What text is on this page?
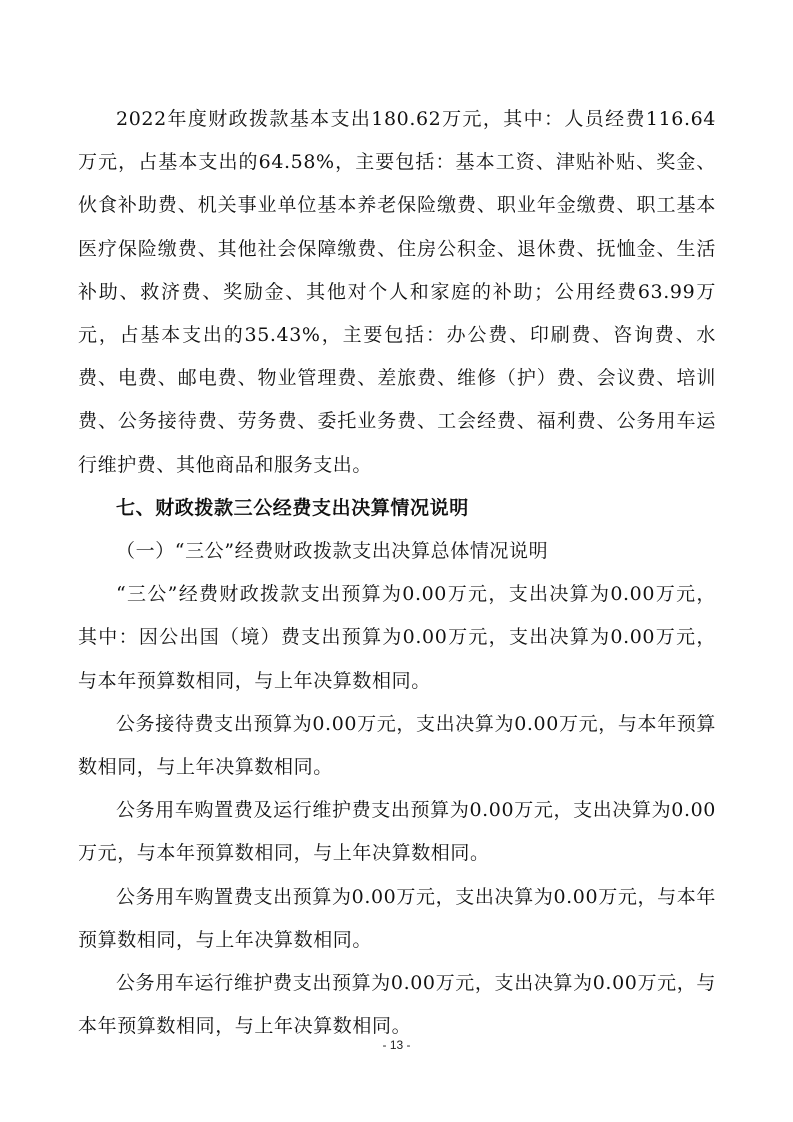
2022年度财政拨款基本支出180.62万元，其中：人员经费116.64万元，占基本支出的64.58%，主要包括：基本工资、津贴补贴、奖金、伙食补助费、机关事业单位基本养老保险缴费、职业年金缴费、职工基本医疗保险缴费、其他社会保障缴费、住房公积金、退休费、抚恤金、生活补助、救济费、奖励金、其他对个人和家庭的补助；公用经费63.99万元，占基本支出的35.43%，主要包括：办公费、印刷费、咨询费、水费、电费、邮电费、物业管理费、差旅费、维修（护）费、会议费、培训费、公务接待费、劳务费、委托业务费、工会经费、福利费、公务用车运行维护费、其他商品和服务支出。

七、财政拨款三公经费支出决算情况说明

（一）“三公”经费财政拨款支出决算总体情况说明

“三公”经费财政拨款支出预算为0.00万元，支出决算为0.00万元，其中：因公出国（境）费支出预算为0.00万元，支出决算为0.00万元，与本年预算数相同，与上年决算数相同。

公务接待费支出预算为0.00万元，支出决算为0.00万元，与本年预算数相同，与上年决算数相同。

公务用车购置费及运行维护费支出预算为0.00万元，支出决算为0.00万元，与本年预算数相同，与上年决算数相同。

公务用车购置费支出预算为0.00万元，支出决算为0.00万元，与本年预算数相同，与上年决算数相同。

公务用车运行维护费支出预算为0.00万元，支出决算为0.00万元，与本年预算数相同，与上年决算数相同。

- 13 -
